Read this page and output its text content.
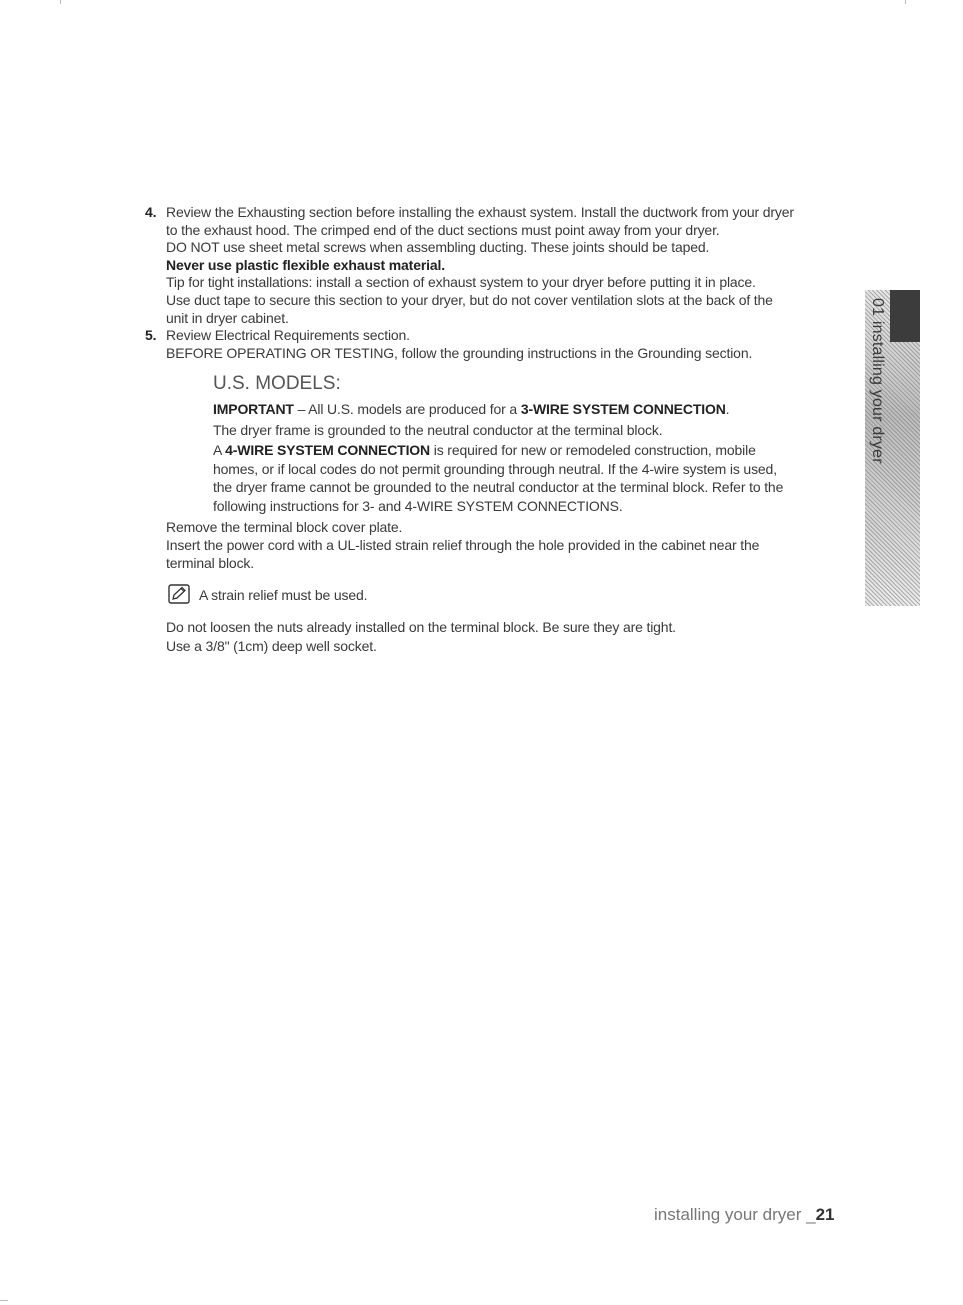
4. Review the Exhausting section before installing the exhaust system. Install the ductwork from your dryer
to the exhaust hood. The crimped end of the duct sections must point away from your dryer.
DO NOT use sheet metal screws when assembling ducting. These joints should be taped.
Never use plastic flexible exhaust material.
Tip for tight installations: install a section of exhaust system to your dryer before putting it in place.
Use duct tape to secure this section to your dryer, but do not cover ventilation slots at the back of the
unit in dryer cabinet.
5. Review Electrical Requirements section.
BEFORE OPERATING OR TESTING, follow the grounding instructions in the Grounding section.
U.S. MODELS:
IMPORTANT – All U.S. models are produced for a 3-WIRE SYSTEM CONNECTION.
The dryer frame is grounded to the neutral conductor at the terminal block.
A 4-WIRE SYSTEM CONNECTION is required for new or remodeled construction, mobile
homes, or if local codes do not permit grounding through neutral. If the 4-wire system is used,
the dryer frame cannot be grounded to the neutral conductor at the terminal block. Refer to the
following instructions for 3- and 4-WIRE SYSTEM CONNECTIONS.
Remove the terminal block cover plate.
Insert the power cord with a UL-listed strain relief through the hole provided in the cabinet near the
terminal block.
A strain relief must be used.
Do not loosen the nuts already installed on the terminal block. Be sure they are tight.
Use a 3/8" (1cm) deep well socket.
01 installing your dryer
installing your dryer _21
